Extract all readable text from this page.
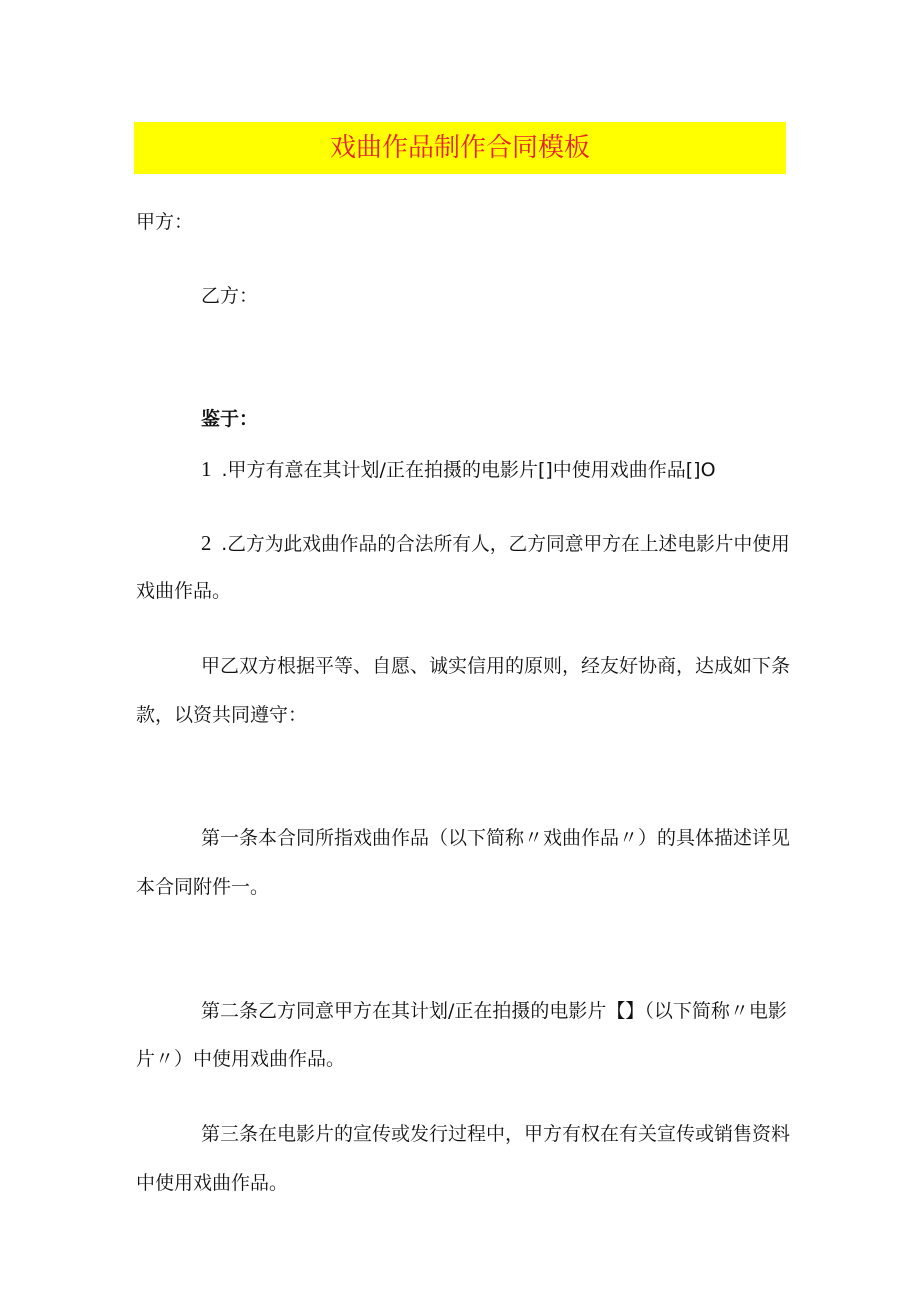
戏曲作品制作合同模板
甲方：
乙方：
鉴于：
1 .甲方有意在其计划/正在拍摄的电影片[]中使用戏曲作品[]O
2 .乙方为此戏曲作品的合法所有人，乙方同意甲方在上述电影片中使用
戏曲作品。
甲乙双方根据平等、自愿、诚实信用的原则，经友好协商，达成如下条
款，以资共同遵守：
第一条本合同所指戏曲作品（以下简称〃戏曲作品〃）的具体描述详见
本合同附件一。
第二条乙方同意甲方在其计划/正在拍摄的电影片【】（以下简称〃电影
片〃）中使用戏曲作品。
第三条在电影片的宣传或发行过程中，甲方有权在有关宣传或销售资料
中使用戏曲作品。
